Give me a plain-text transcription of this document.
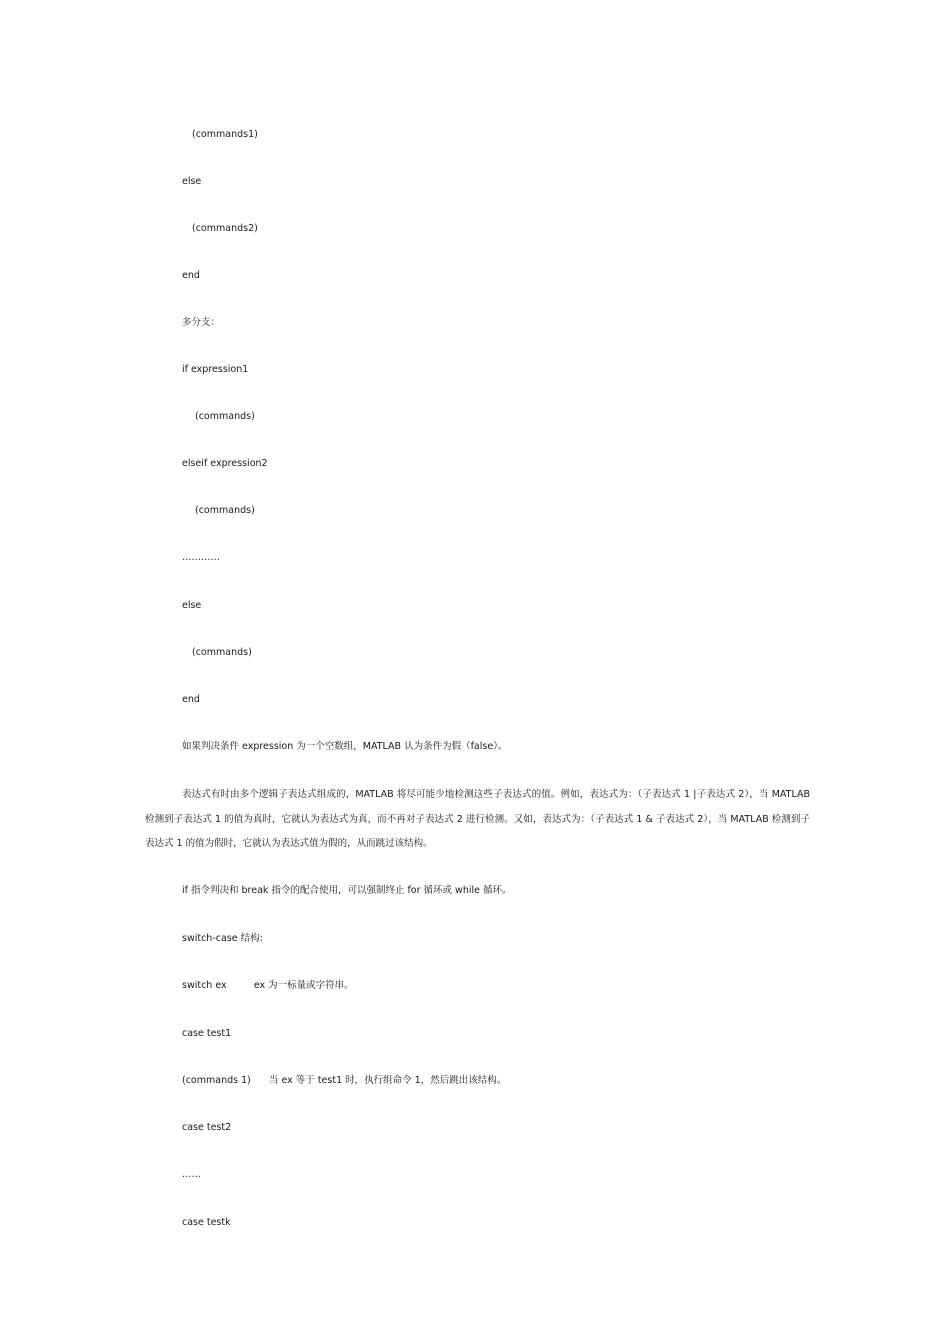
(commands1)
else
(commands2)
end
多分支：
if expression1
(commands)
elseif expression2
(commands)
…………
else
(commands)
end
如果判决条件 expression 为一个空数组，MATLAB 认为条件为假（false）。
表达式有时由多个逻辑子表达式组成的，MATLAB 将尽可能少地检测这些子表达式的值。例如，表达式为：（子表达式 1 |子表达式 2），当 MATLAB 检测到子表达式 1 的值为真时，它就认为表达式为真，而不再对子表达式 2 进行检测。又如，表达式为：（子表达式 1 & 子表达式 2），当 MATLAB 检测到子表达式 1 的值为假时，它就认为表达式值为假的，从而跳过该结构。
if 指令判决和 break 指令的配合使用，可以强制终止 for 循环或 while 循环。
switch-case 结构:
switch ex         ex 为一标量或字符串。
case test1
(commands 1)      当 ex 等于 test1 时，执行组命令 1，然后跳出该结构。
case test2
……
case testk
